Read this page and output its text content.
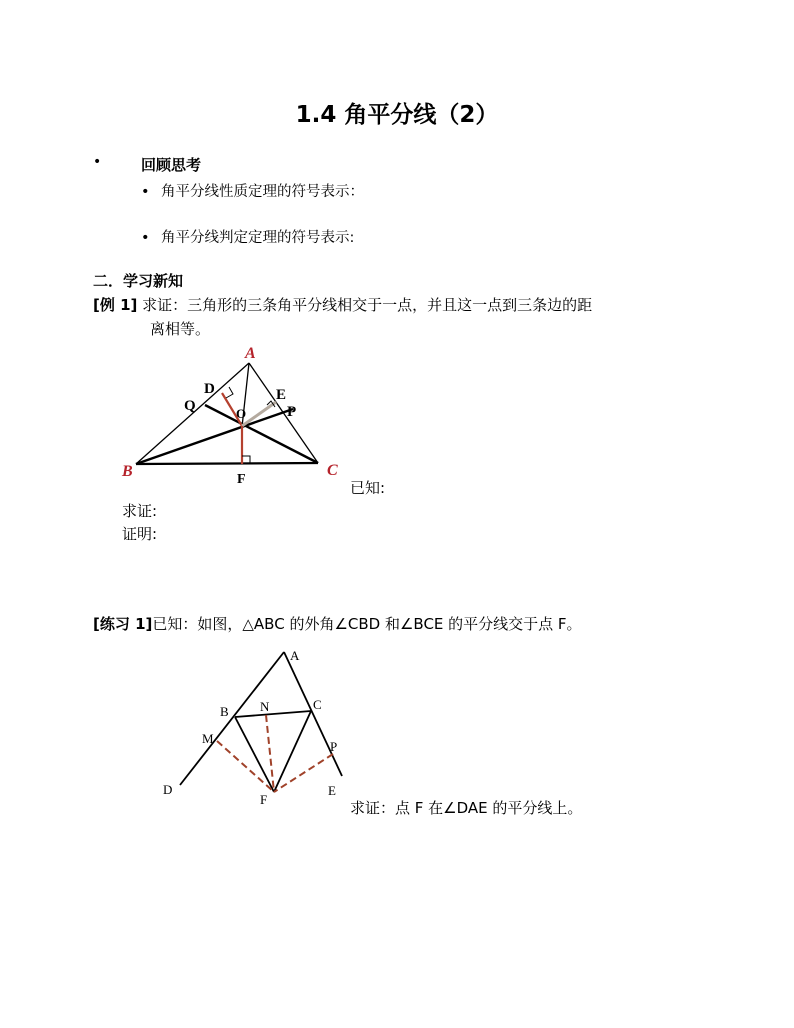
1.4 角平分线（2）
•	回顾思考
• 角平分线性质定理的符号表示：
• 角平分线判定定理的符号表示:
二．学习新知
[例 1] 求证：三角形的三条角平分线相交于一点，并且这一点到三条边的距
离相等。
A
D	E
Q	O	P
B	F
C
已知:
求证:
证明:
[练习 1]已知：如图，△ABC 的外角∠CBD 和∠BCE 的平分线交于点 F。
A
B N	C
M
P
D
F
E
求证：点 F 在∠DAE 的平分线上。
